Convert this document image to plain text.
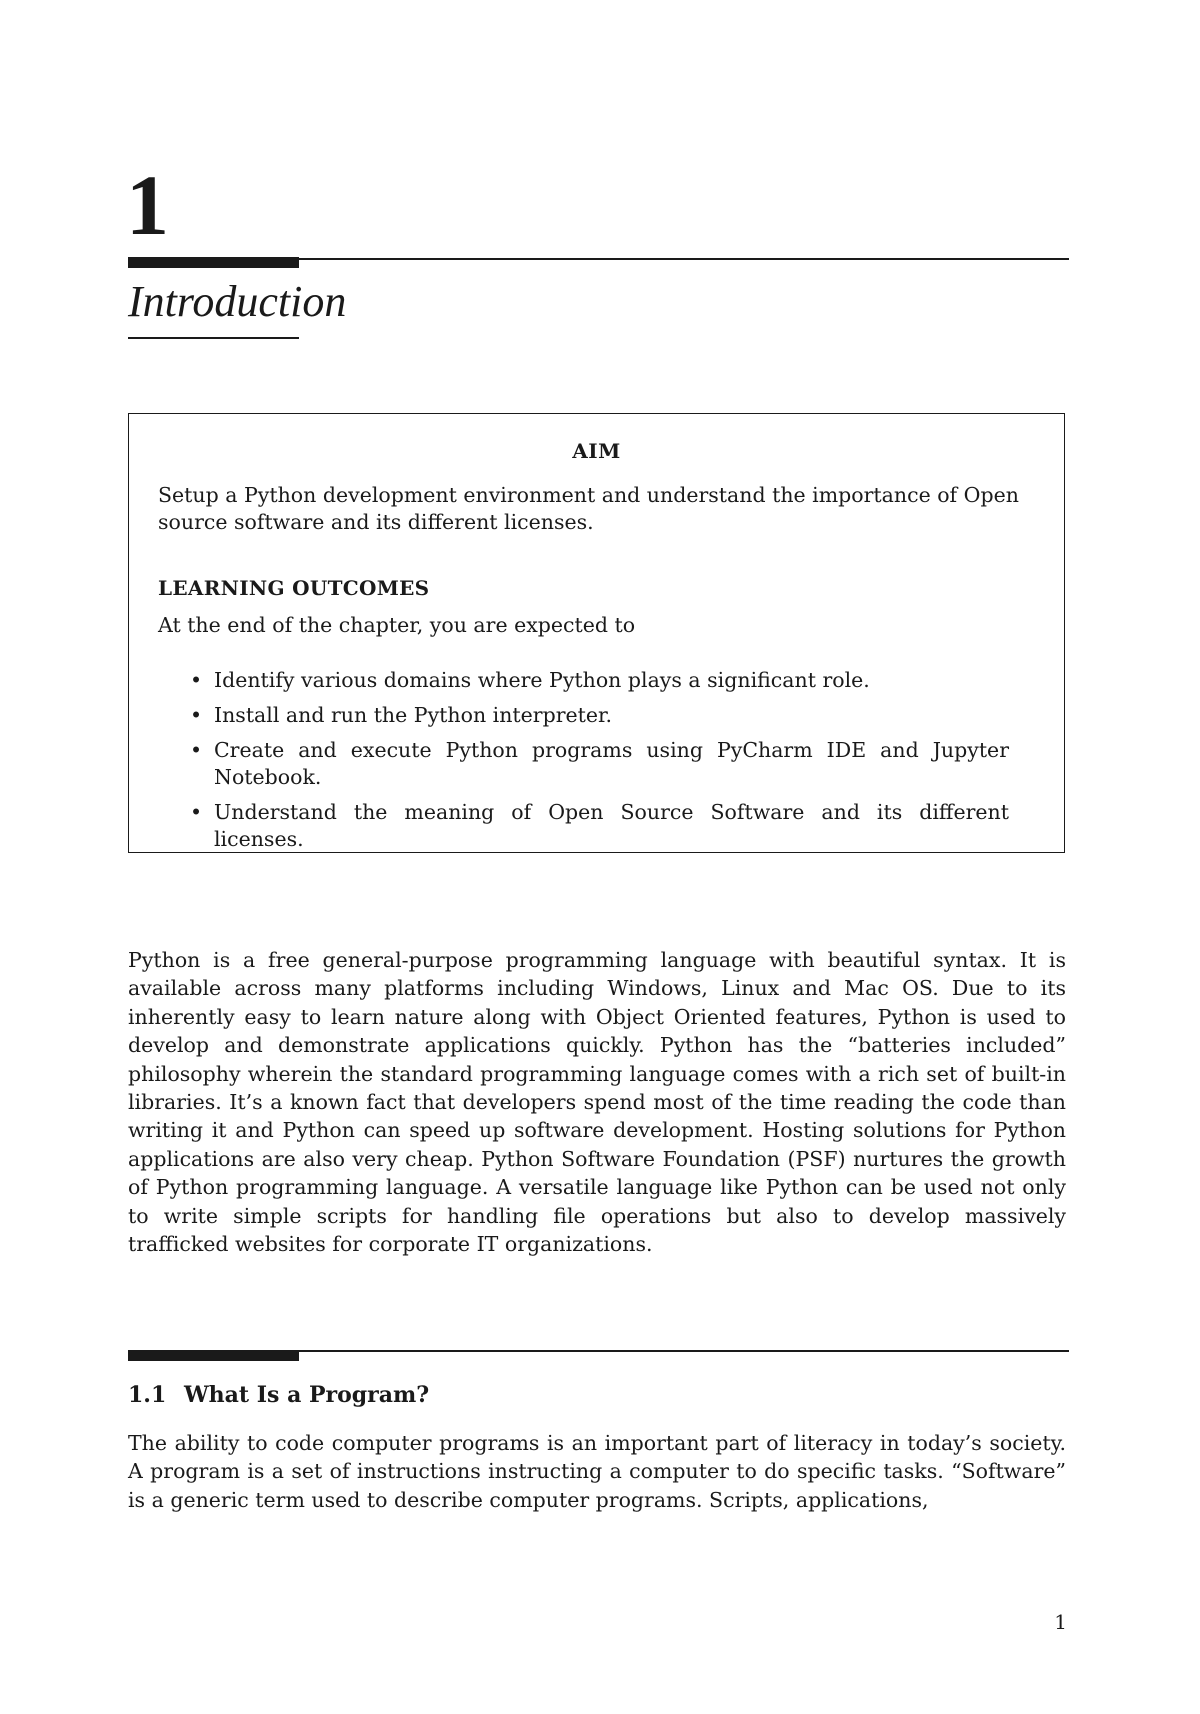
1
Introduction
AIM
Setup a Python development environment and understand the importance of Open source software and its different licenses.
LEARNING OUTCOMES
At the end of the chapter, you are expected to
• Identify various domains where Python plays a significant role.
• Install and run the Python interpreter.
• Create and execute Python programs using PyCharm IDE and Jupyter Notebook.
• Understand the meaning of Open Source Software and its different licenses.

Python is a free general-purpose programming language with beautiful syntax. It is available across many platforms including Windows, Linux and Mac OS. Due to its inherently easy to learn nature along with Object Oriented features, Python is used to develop and demonstrate applications quickly. Python has the “batteries included” philosophy wherein the standard programming language comes with a rich set of built-in libraries. It’s a known fact that developers spend most of the time reading the code than writing it and Python can speed up software development. Hosting solutions for Python applications are also very cheap. Python Software Foundation (PSF) nurtures the growth of Python programming language. A versatile language like Python can be used not only to write simple scripts for handling file operations but also to develop massively trafficked websites for corporate IT organizations.

1.1 What Is a Program?

The ability to code computer programs is an important part of literacy in today’s society. A program is a set of instructions instructing a computer to do specific tasks. “Software” is a generic term used to describe computer programs. Scripts, applications,

1
